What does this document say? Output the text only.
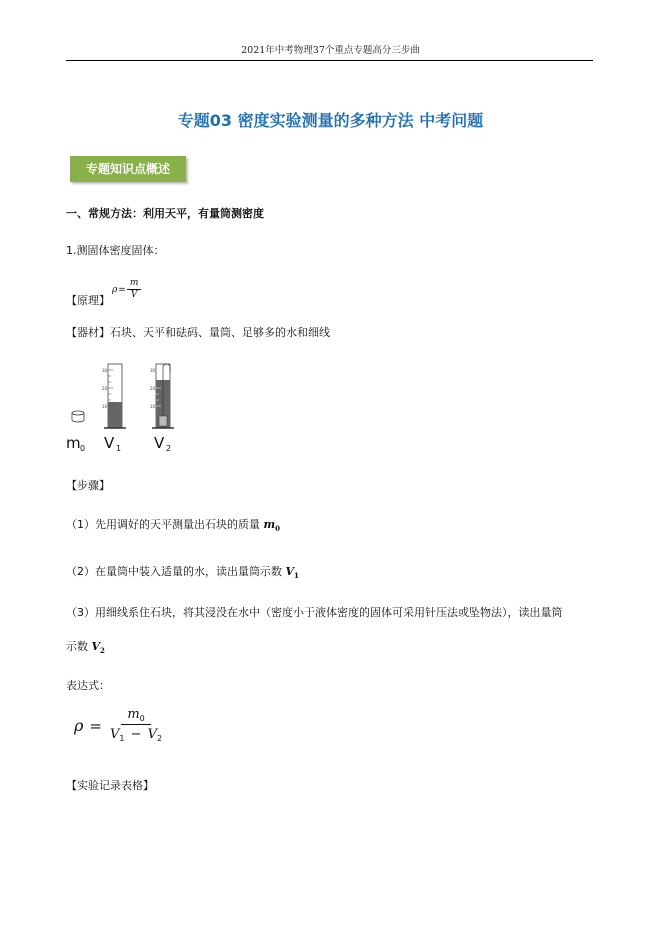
2021年中考物理37个重点专题高分三步曲
专题03 密度实验测量的多种方法 中考问题
专题知识点概述
一、常规方法：利用天平，有量筒测密度
1.测固体密度固体：
【原理】
$\rho = \frac{m}{V}$
【器材】石块、天平和砝码、量筒、足够多的水和细线
30
20
10
30
20
10
m 0 V 1 V 2
【步骤】
（1）先用调好的天平测量出石块的质量 $m_0$
（2）在量筒中装入适量的水，读出量筒示数 $V_1$
（3）用细线系住石块，将其浸没在水中（密度小于液体密度的固体可采用针压法或坠物法），读出量筒
示数 $V_2$
表达式：
$\rho = \frac{m_0}{V_1 - V_2}$
【实验记录表格】
